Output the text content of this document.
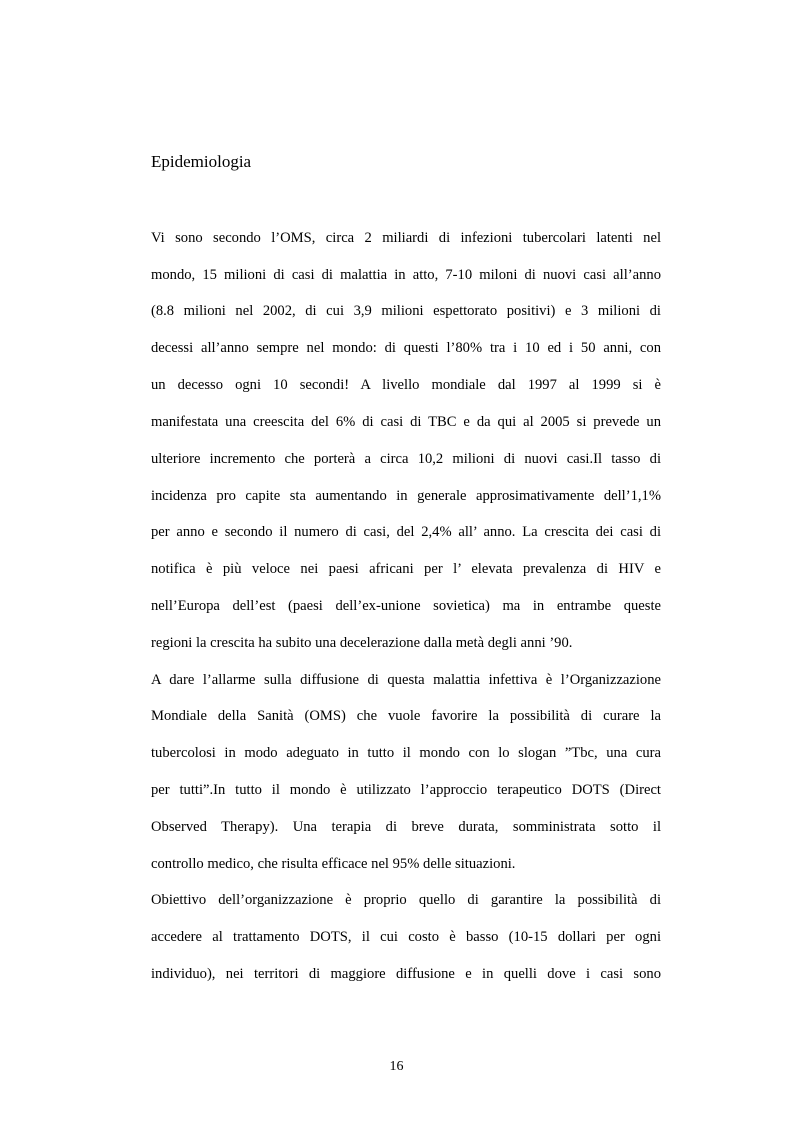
Epidemiologia
Vi sono secondo l’OMS, circa 2 miliardi di infezioni tubercolari latenti nel
mondo, 15 milioni di casi di malattia in atto, 7-10 miloni di nuovi casi all’anno
(8.8 milioni nel 2002, di cui 3,9 milioni espettorato positivi) e 3 milioni di
decessi all’anno sempre nel mondo: di questi l’80% tra i 10 ed i 50 anni, con
un decesso ogni 10 secondi! A livello mondiale dal 1997 al 1999 si è
manifestata una creescita del 6% di casi di TBC e da qui al 2005 si prevede un
ulteriore incremento che porterà a circa 10,2 milioni di nuovi casi.Il tasso di
incidenza pro capite sta aumentando in generale approsimativamente dell’1,1%
per anno e secondo il numero di casi, del 2,4% all’ anno. La crescita dei casi di
notifica è più veloce nei paesi africani per l’ elevata prevalenza di HIV e
nell’Europa dell’est (paesi dell’ex-unione sovietica) ma in entrambe queste
regioni la crescita ha subito una decelerazione dalla metà degli anni ’90.
A dare l’allarme sulla diffusione di questa malattia infettiva è l’Organizzazione
Mondiale della Sanità (OMS) che vuole favorire la possibilità di curare la
tubercolosi in modo adeguato in tutto il mondo con lo slogan ”Tbc, una cura
per tutti”.In tutto il mondo è utilizzato l’approccio terapeutico DOTS (Direct
Observed Therapy). Una terapia di breve durata, somministrata sotto il
controllo medico, che risulta efficace nel 95% delle situazioni.
Obiettivo dell’organizzazione è proprio quello di garantire la possibilità di
accedere al trattamento DOTS, il cui costo è basso (10-15 dollari per ogni
individuo), nei territori di maggiore diffusione e in quelli dove i casi sono
16
